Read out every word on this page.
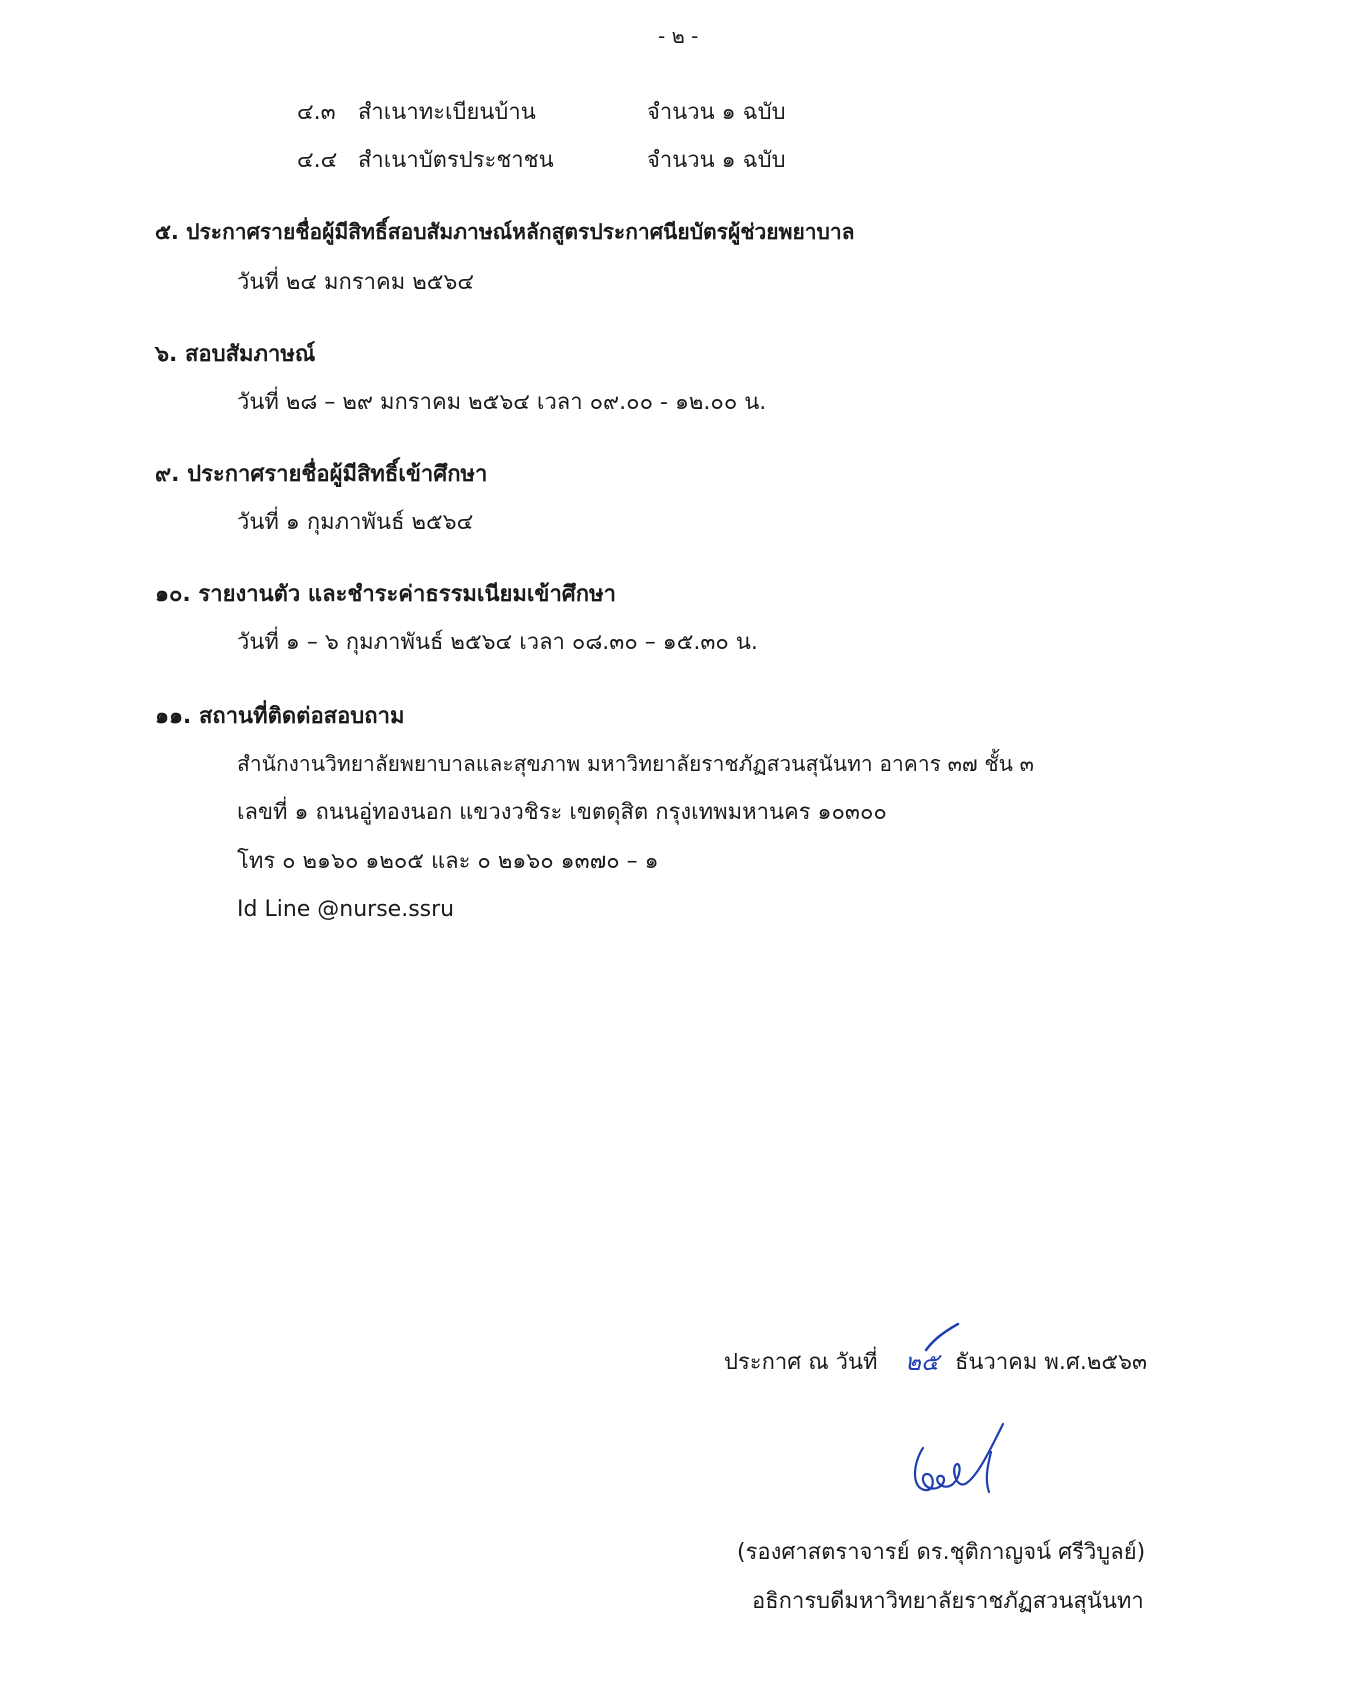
- ๒ -
๔.๓ สำเนาทะเบียนบ้าน	จำนวน ๑ ฉบับ
๔.๔ สำเนาบัตรประชาชน	จำนวน ๑ ฉบับ
๕. ประกาศรายชื่อผู้มีสิทธิ์สอบสัมภาษณ์หลักสูตรประกาศนียบัตรผู้ช่วยพยาบาล
วันที่ ๒๔ มกราคม ๒๕๖๔
๖. สอบสัมภาษณ์
วันที่ ๒๘ – ๒๙ มกราคม ๒๕๖๔ เวลา ๐๙.๐๐ - ๑๒.๐๐ น.
๙. ประกาศรายชื่อผู้มีสิทธิ์เข้าศึกษา
วันที่ ๑ กุมภาพันธ์ ๒๕๖๔
๑๐. รายงานตัว และชำระค่าธรรมเนียมเข้าศึกษา
วันที่ ๑ – ๖ กุมภาพันธ์ ๒๕๖๔ เวลา ๐๘.๓๐ – ๑๕.๓๐ น.
๑๑. สถานที่ติดต่อสอบถาม
สำนักงานวิทยาลัยพยาบาลและสุขภาพ มหาวิทยาลัยราชภัฏสวนสุนันทา อาคาร ๓๗ ชั้น ๓
เลขที่ ๑ ถนนอู่ทองนอก แขวงวชิระ เขตดุสิต กรุงเทพมหานคร ๑๐๓๐๐
โทร ๐ ๒๑๖๐ ๑๒๐๕ และ ๐ ๒๑๖๐ ๑๓๗๐ – ๑
Id Line @nurse.ssru
ประกาศ ณ วันที่ ๒๕ ธันวาคม พ.ศ.๒๕๖๓
(รองศาสตราจารย์ ดร.ชุติกาญจน์ ศรีวิบูลย์)
อธิการบดีมหาวิทยาลัยราชภัฏสวนสุนันทา
